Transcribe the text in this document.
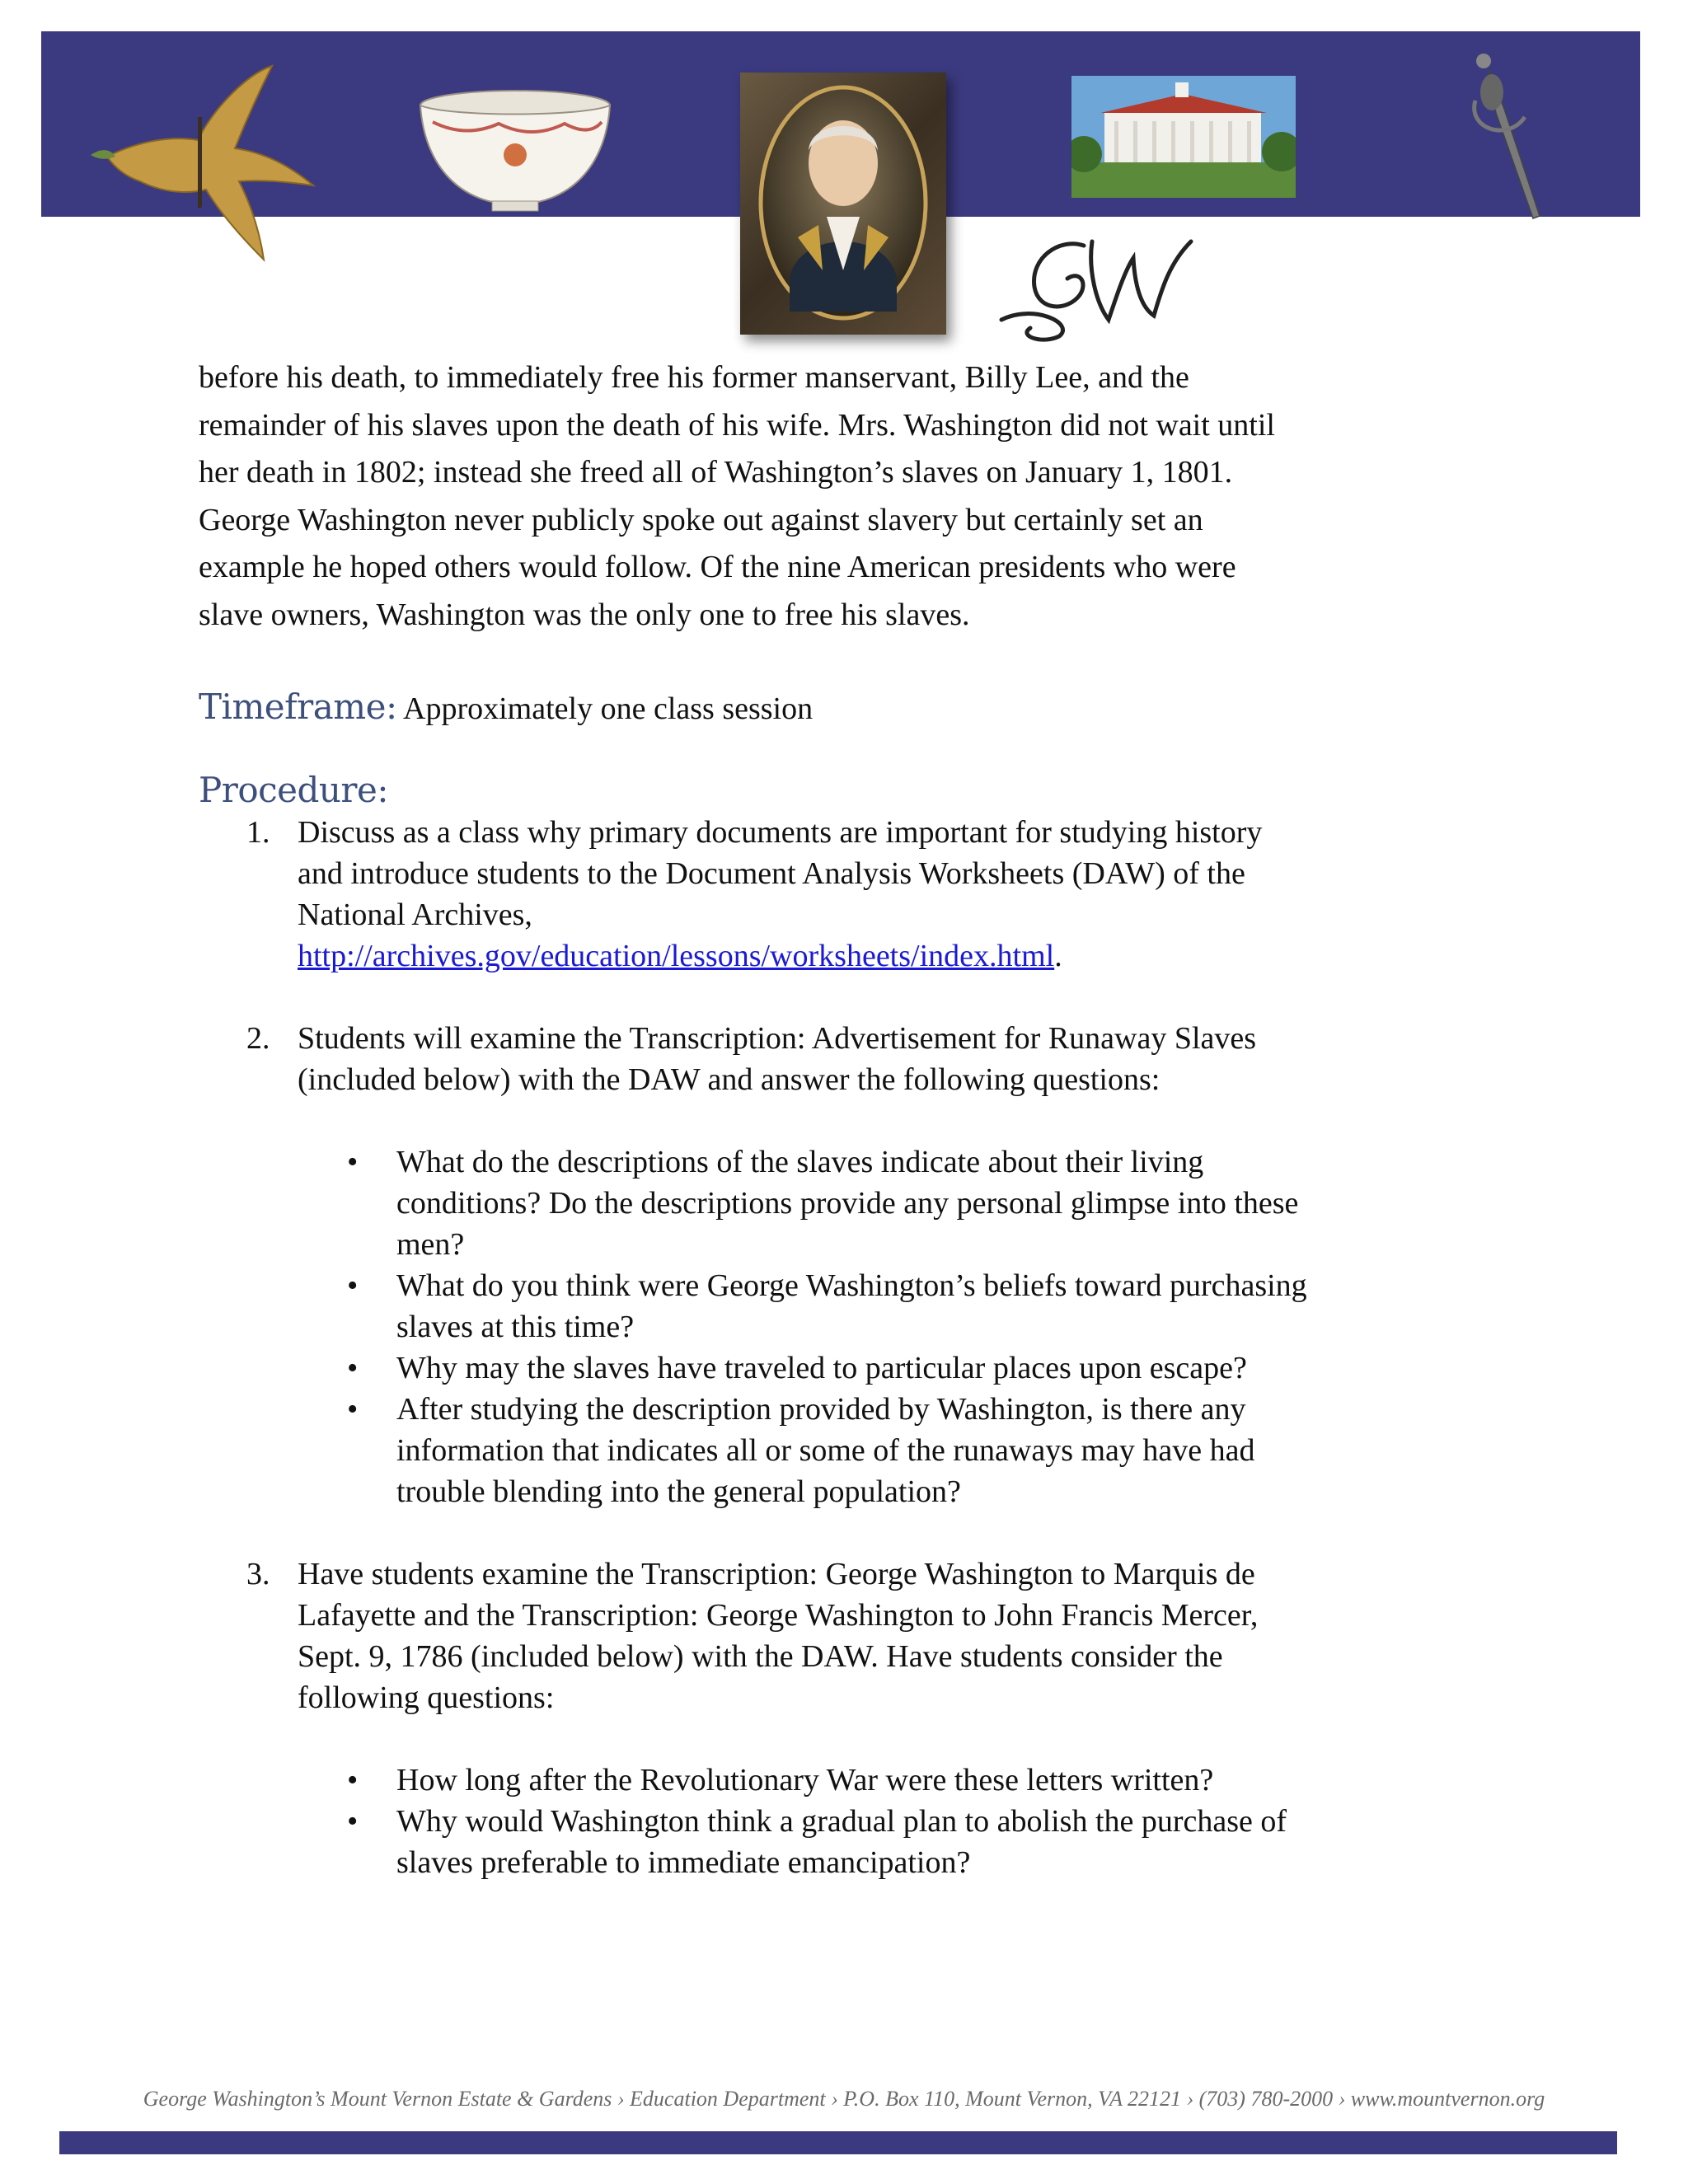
before his death, to immediately free his former manservant, Billy Lee, and the
remainder of his slaves upon the death of his wife. Mrs. Washington did not wait until
her death in 1802; instead she freed all of Washington’s slaves on January 1, 1801.
George Washington never publicly spoke out against slavery but certainly set an
example he hoped others would follow. Of the nine American presidents who were
slave owners, Washington was the only one to free his slaves.

Timeframe: Approximately one class session
Procedure:
1. Discuss as a class why primary documents are important for studying history
and introduce students to the Document Analysis Worksheets (DAW) of the
National Archives,
http://archives.gov/education/lessons/worksheets/index.html.
2. Students will examine the Transcription: Advertisement for Runaway Slaves
(included below) with the DAW and answer the following questions:
• What do the descriptions of the slaves indicate about their living
conditions? Do the descriptions provide any personal glimpse into these
men?
• What do you think were George Washington’s beliefs toward purchasing
slaves at this time?
• Why may the slaves have traveled to particular places upon escape?
• After studying the description provided by Washington, is there any
information that indicates all or some of the runaways may have had
trouble blending into the general population?
3. Have students examine the Transcription: George Washington to Marquis de
Lafayette and the Transcription: George Washington to John Francis Mercer,
Sept. 9, 1786 (included below) with the DAW. Have students consider the
following questions:
• How long after the Revolutionary War were these letters written?
• Why would Washington think a gradual plan to abolish the purchase of
slaves preferable to immediate emancipation?
George Washington’s Mount Vernon Estate & Gardens › Education Department › P.O. Box 110, Mount Vernon, VA 22121 › (703) 780-2000 › www.mountvernon.org
